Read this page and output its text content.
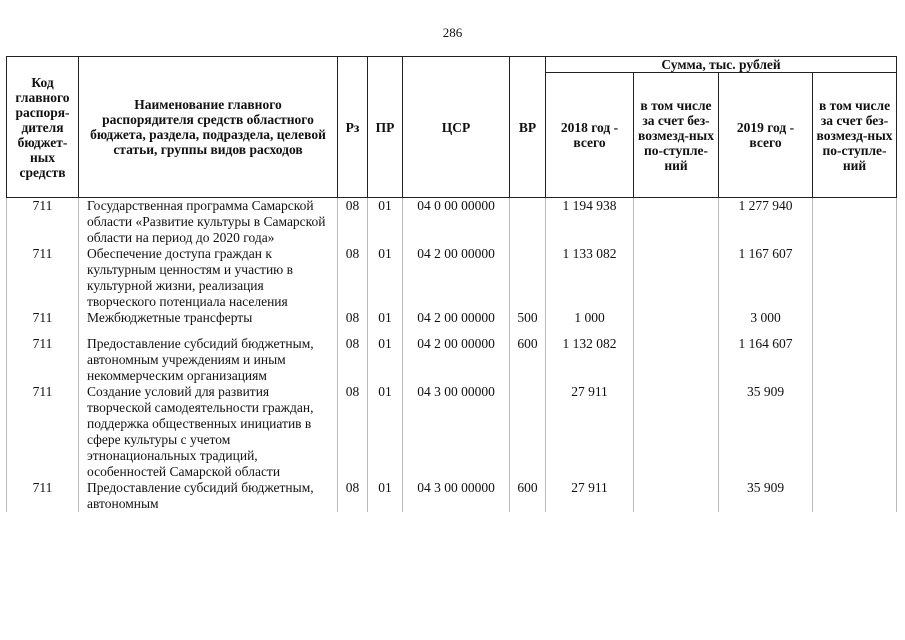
286
Код главного распоря-дителя бюджет-ных средств	Наименование главного распорядителя средств областного бюджета, раздела, подраздела, целевой статьи, группы видов расходов	Рз	ПР	ЦСР	ВР	Сумма, тыс. рублей			
						2018 год - всего	в том числе за счет без-возмезд-ных по-ступле-ний	2019 год - всего	в том числе за счет без-возмезд-ных по-ступле-ний
711	Государственная программа Самарской области «Развитие культуры в Самарской области на период до 2020 года»	08	01	04 0 00 00000		1 194 938		1 277 940	
711	Обеспечение доступа граждан к культурным ценностям и участию в культурной жизни, реализация творческого потенциала населения	08	01	04 2 00 00000		1 133 082		1 167 607	
711	Межбюджетные трансферты	08	01	04 2 00 00000	500	1 000		3 000	
711	Предоставление субсидий бюджетным, автономным учреждениям и иным некоммерческим организациям	08	01	04 2 00 00000	600	1 132 082		1 164 607	
711	Создание условий для развития творческой самодеятельности граждан, поддержка общественных инициатив в сфере культуры с учетом этнонациональных традиций, особенностей Самарской области	08	01	04 3 00 00000		27 911		35 909	
711	Предоставление субсидий бюджетным, автономным	08	01	04 3 00 00000	600	27 911		35 909	
